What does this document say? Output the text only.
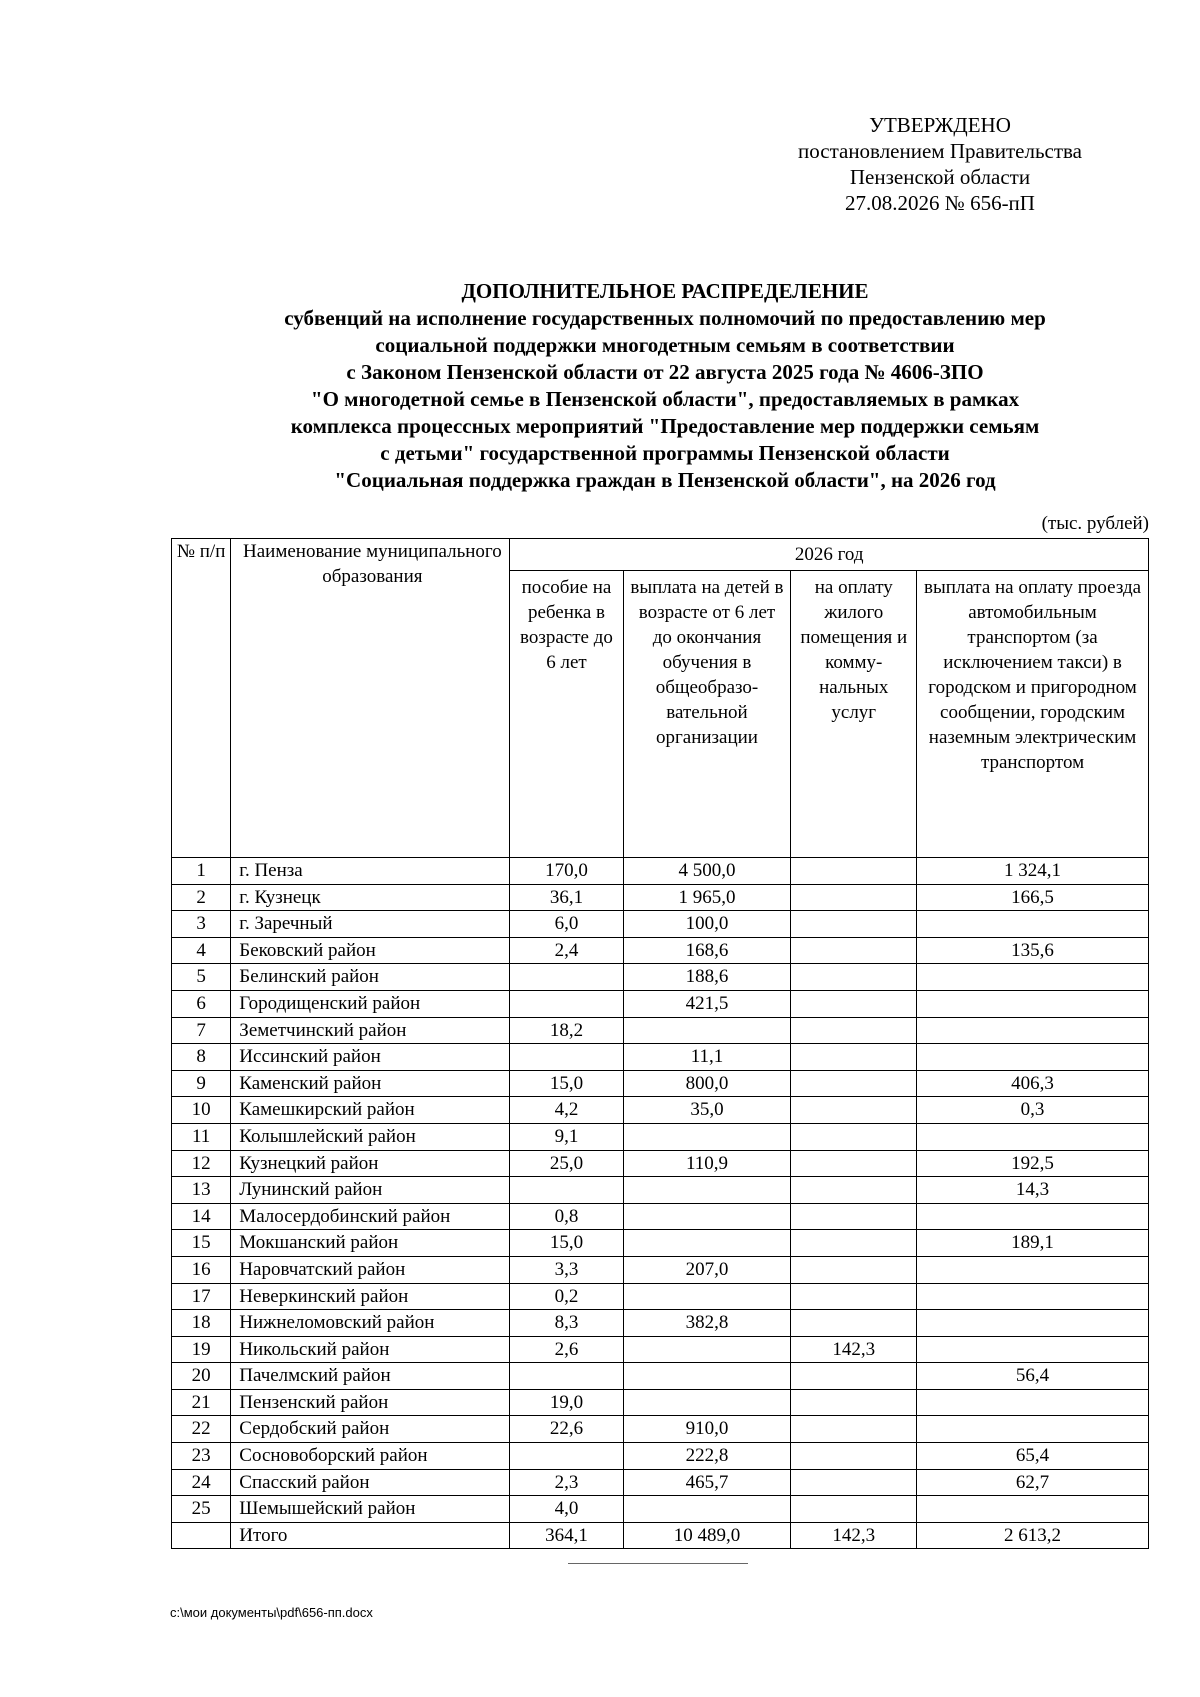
УТВЕРЖДЕНО
постановлением Правительства
Пензенской области
27.08.2026 № 656-пП
ДОПОЛНИТЕЛЬНОЕ РАСПРЕДЕЛЕНИЕ
субвенций на исполнение государственных полномочий по предоставлению мер
социальной поддержки многодетным семьям в соответствии
с Законом Пензенской области от 22 августа 2025 года № 4606-ЗПО
"О многодетной семье в Пензенской области", предоставляемых в рамках
комплекса процессных мероприятий "Предоставление мер поддержки семьям
с детьми" государственной программы Пензенской области
"Социальная поддержка граждан в Пензенской области", на 2026 год
(тыс. рублей)
№ п/п	Наименование муниципального образования	2026 год			
		пособие на ребенка в возрасте до 6 лет	выплата на детей в возрасте от 6 лет до окончания обучения в общеобразо-вательной организации	на оплату жилого помещения и комму-нальных услуг	выплата на оплату проезда автомобильным транспортом (за исключением такси) в городском и пригородном сообщении, городским наземным электрическим транспортом
1	г. Пенза	170,0	4 500,0		1 324,1
2	г. Кузнецк	36,1	1 965,0		166,5
3	г. Заречный	6,0	100,0		
4	Бековский район	2,4	168,6		135,6
5	Белинский район		188,6		
6	Городищенский район		421,5		
7	Земетчинский район	18,2			
8	Иссинский район		11,1		
9	Каменский район	15,0	800,0		406,3
10	Камешкирский район	4,2	35,0		0,3
11	Колышлейский район	9,1			
12	Кузнецкий район	25,0	110,9		192,5
13	Лунинский район				14,3
14	Малосердобинский район	0,8			
15	Мокшанский район	15,0			189,1
16	Наровчатский район	3,3	207,0		
17	Неверкинский район	0,2			
18	Нижнеломовский район	8,3	382,8		
19	Никольский район	2,6		142,3	
20	Пачелмский район				56,4
21	Пензенский район	19,0			
22	Сердобский район	22,6	910,0		
23	Сосновоборский район		222,8		65,4
24	Спасский район	2,3	465,7		62,7
25	Шемышейский район	4,0			
	Итого	364,1	10 489,0	142,3	2 613,2
c:\мои документы\pdf\656-пп.docx
